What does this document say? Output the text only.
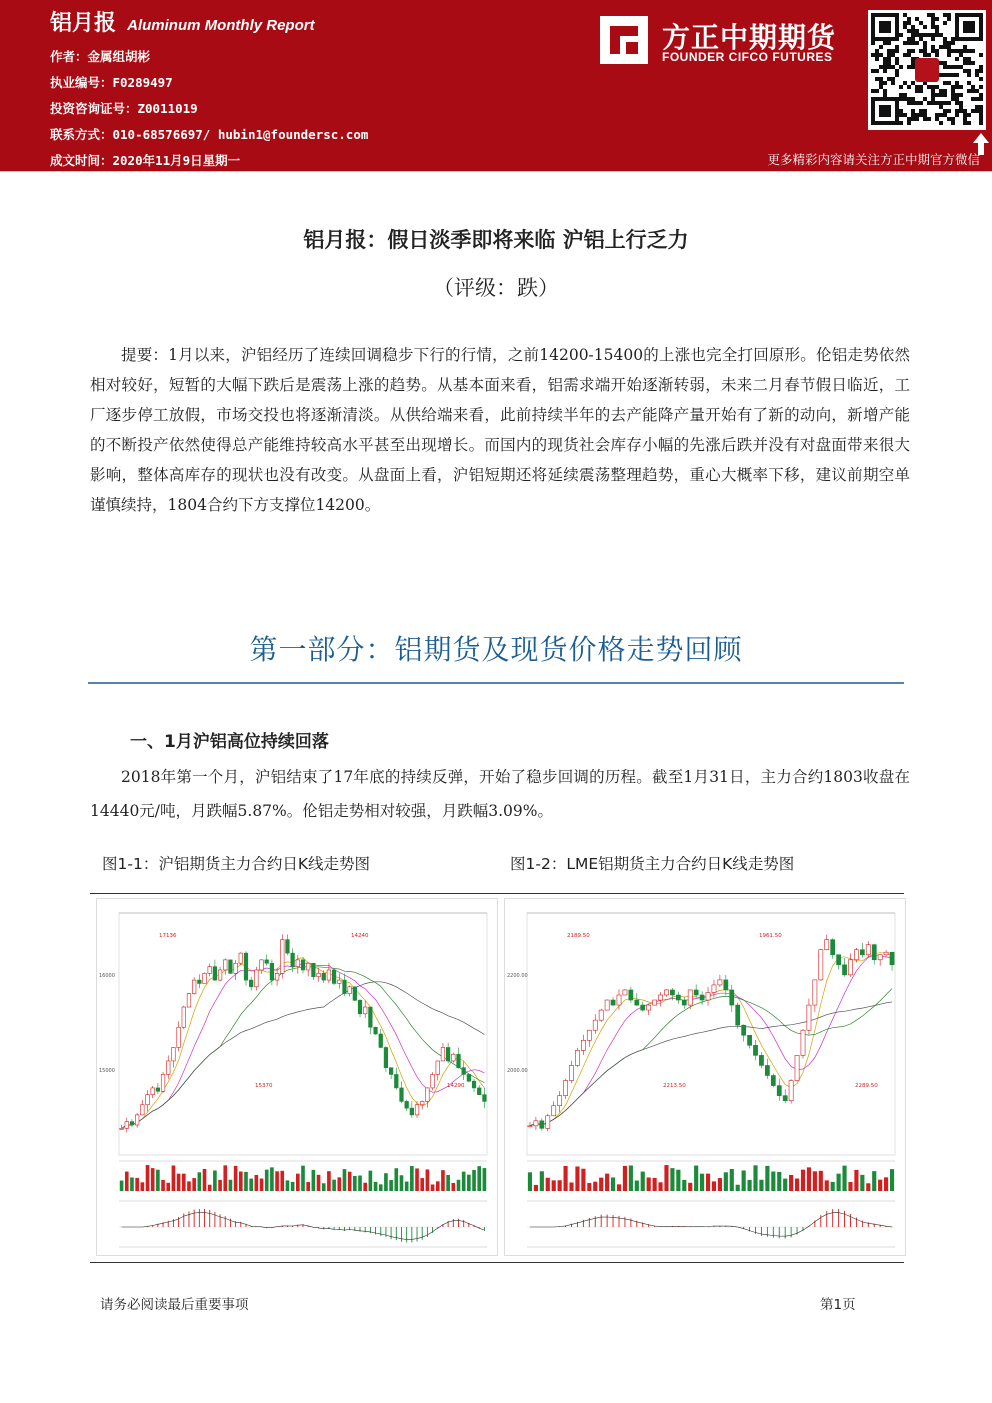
铝月报 Aluminum Monthly Report
作者：金属组胡彬
执业编号：F0289497
投资咨询证号：Z0011019
联系方式：010-68576697/ hubin1@foundersc.com
成文时间：2020年11月9日星期一
方正中期期货
FOUNDER CIFCO FUTURES
更多精彩内容请关注方正中期官方微信
铝月报：假日淡季即将来临 沪铝上行乏力
（评级：跌）
提要：1月以来，沪铝经历了连续回调稳步下行的行情，之前14200-15400的上涨也完全打回原形。伦铝走势依然相对较好，短暂的大幅下跌后是震荡上涨的趋势。从基本面来看，铝需求端开始逐渐转弱，未来二月春节假日临近，工厂逐步停工放假，市场交投也将逐渐清淡。从供给端来看，此前持续半年的去产能降产量开始有了新的动向，新增产能的不断投产依然使得总产能维持较高水平甚至出现增长。而国内的现货社会库存小幅的先涨后跌并没有对盘面带来很大影响，整体高库存的现状也没有改变。从盘面上看，沪铝短期还将延续震荡整理趋势，重心大概率下移，建议前期空单谨慎续持，1804合约下方支撑位14200。
第一部分：铝期货及现货价格走势回顾
一、1月沪铝高位持续回落
2018年第一个月，沪铝结束了17年底的持续反弹，开始了稳步回调的历程。截至1月31日，主力合约1803收盘在14440元/吨，月跌幅5.87%。伦铝走势相对较强，月跌幅3.09%。
图1-1：沪铝期货主力合约日K线走势图	图1-2：LME铝期货主力合约日K线走势图
16000
15000
17136
15370
14240
14290
2200.00
2000.00
2189.50
2213.50
1961.50
2289.50
请务必阅读最后重要事项	第1页
